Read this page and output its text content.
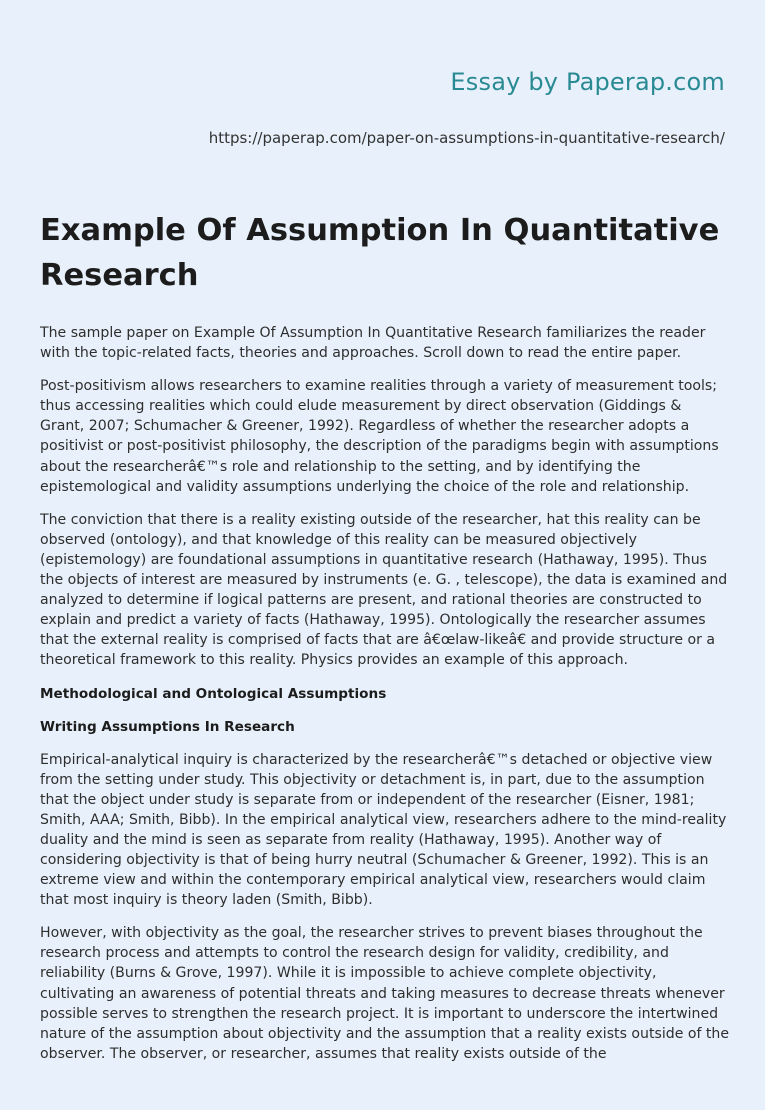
Essay by Paperap.com
https://paperap.com/paper-on-assumptions-in-quantitative-research/
Example Of Assumption In Quantitative Research

The sample paper on Example Of Assumption In Quantitative Research familiarizes the reader with the topic-related facts, theories and approaches. Scroll down to read the entire paper.

Post-positivism allows researchers to examine realities through a variety of measurement tools; thus accessing realities which could elude measurement by direct observation (Giddings & Grant, 2007; Schumacher & Greener, 1992). Regardless of whether the researcher adopts a positivist or post-positivist philosophy, the description of the paradigms begin with assumptions about the researcherâ€™s role and relationship to the setting, and by identifying the epistemological and validity assumptions underlying the choice of the role and relationship.

The conviction that there is a reality existing outside of the researcher, hat this reality can be observed (ontology), and that knowledge of this reality can be measured objectively (epistemology) are foundational assumptions in quantitative research (Hathaway, 1995). Thus the objects of interest are measured by instruments (e. G. , telescope), the data is examined and analyzed to determine if logical patterns are present, and rational theories are constructed to explain and predict a variety of facts (Hathaway, 1995). Ontologically the researcher assumes that the external reality is comprised of facts that are â€œlaw-likeâ€ and provide structure or a theoretical framework to this reality. Physics provides an example of this approach.

Methodological and Ontological Assumptions
Writing Assumptions In Research

Empirical-analytical inquiry is characterized by the researcherâ€™s detached or objective view from the setting under study. This objectivity or detachment is, in part, due to the assumption that the object under study is separate from or independent of the researcher (Eisner, 1981; Smith, AAA; Smith, Bibb). In the empirical analytical view, researchers adhere to the mind-reality duality and the mind is seen as separate from reality (Hathaway, 1995). Another way of considering objectivity is that of being hurry neutral (Schumacher & Greener, 1992). This is an extreme view and within the contemporary empirical analytical view, researchers would claim that most inquiry is theory laden (Smith, Bibb).

However, with objectivity as the goal, the researcher strives to prevent biases throughout the research process and attempts to control the research design for validity, credibility, and reliability (Burns & Grove, 1997). While it is impossible to achieve complete objectivity, cultivating an awareness of potential threats and taking measures to decrease threats whenever possible serves to strengthen the research project. It is important to underscore the intertwined nature of the assumption about objectivity and the assumption that a reality exists outside of the observer. The observer, or researcher, assumes that reality exists outside of the
